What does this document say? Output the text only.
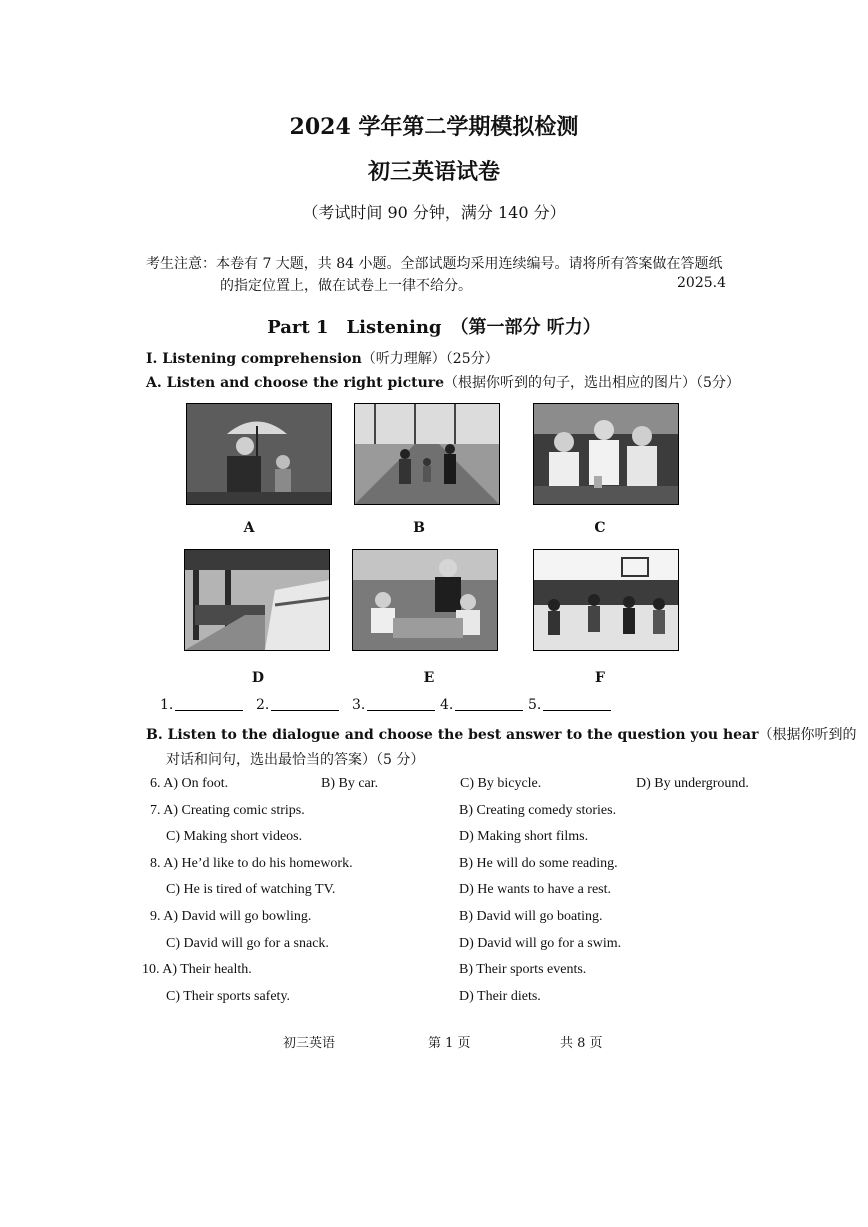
2024 学年第二学期模拟检测
初三英语试卷
（考试时间 90 分钟，满分 140 分）
考生注意：本卷有 7 大题，共 84 小题。全部试题均采用连续编号。请将所有答案做在答题纸
的指定位置上，做在试卷上一律不给分。	2025.4
Part 1　Listening　（第一部分 听力）
I. Listening comprehension（听力理解）（25分）
A. Listen and choose the right picture（根据你听到的句子，选出相应的图片）（5分）
A	B	C
D	E	F
1.	2.	3.	4.	5.
B. Listen to the dialogue and choose the best answer to the question you hear（根据你听到的
对话和问句，选出最恰当的答案）（5 分）
6. A) On foot.	B) By car.	C) By bicycle.	D) By underground.
7. A) Creating comic strips.	B) Creating comedy stories.
C) Making short videos.	D) Making short films.
8. A) He’d like to do his homework.	B) He will do some reading.
C) He is tired of watching TV.	D) He wants to have a rest.
9. A) David will go bowling.	B) David will go boating.
C) David will go for a snack.	D) David will go for a swim.
10. A) Their health.	B) Their sports events.
C) Their sports safety.	D) Their diets.
初三英语	第 1 页	共 8 页
